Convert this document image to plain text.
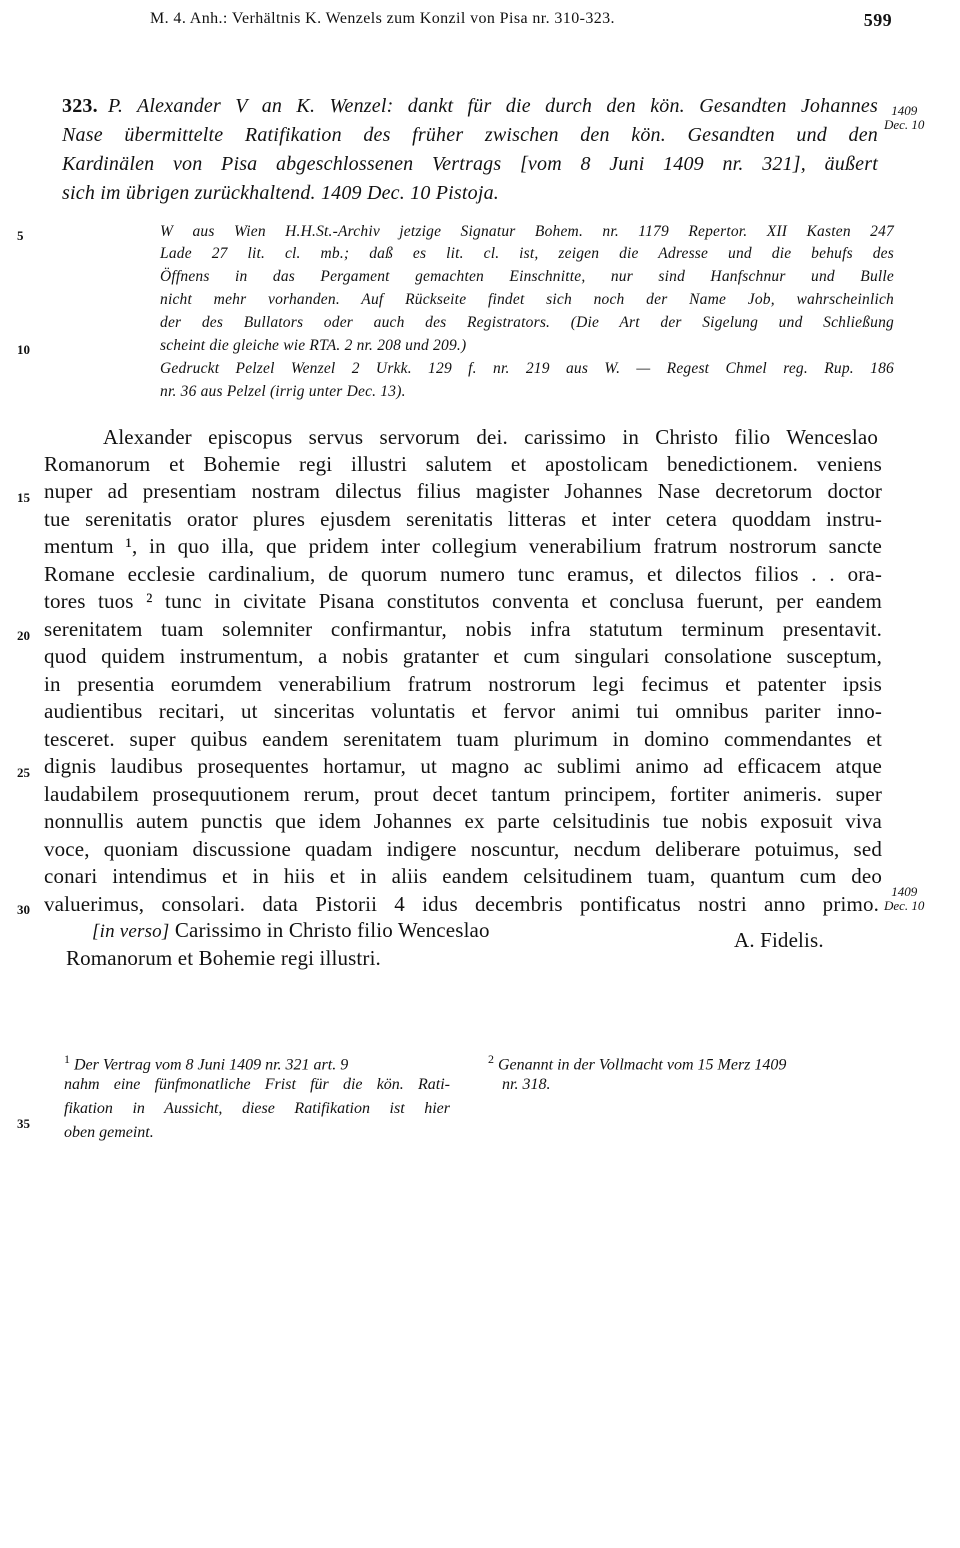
M. 4. Anh.: Verhältnis K. Wenzels zum Konzil von Pisa nr. 310-323.	599
323. P. Alexander V an K. Wenzel: dankt für die durch den kön. Gesandten Johannes
Nase übermittelte Ratifikation des früher zwischen den kön. Gesandten und den
Kardinälen von Pisa abgeschlossenen Vertrags [vom 8 Juni 1409 nr. 321], äußert
sich im übrigen zurückhaltend. 1409 Dec. 10 Pistoja.
1409
Dec. 10
W aus Wien H.H.St.-Archiv jetzige Signatur Bohem. nr. 1179 Repertor. XII Kasten 247
Lade 27 lit. cl. mb.; daß es lit. cl. ist, zeigen die Adresse und die behufs des
Öffnens in das Pergament gemachten Einschnitte, nur sind Hanfschnur und Bulle
nicht mehr vorhanden. Auf Rückseite findet sich noch der Name Job, wahrscheinlich
der des Bullators oder auch des Registrators. (Die Art der Sigelung und Schließung
scheint die gleiche wie RTA. 2 nr. 208 und 209.)
Gedruckt Pelzel Wenzel 2 Urkk. 129 f. nr. 219 aus W. — Regest Chmel reg. Rup. 186
nr. 36 aus Pelzel (irrig unter Dec. 13).
5
10
15
20
25
30
35
Alexander episcopus servus servorum dei. carissimo in Christo filio Wenceslao
Romanorum et Bohemie regi illustri salutem et apostolicam benedictionem. veniens
nuper ad presentiam nostram dilectus filius magister Johannes Nase decretorum doctor
tue serenitatis orator plures ejusdem serenitatis litteras et inter cetera quoddam instru-
mentum ¹, in quo illa, que pridem inter collegium venerabilium fratrum nostrorum sancte
Romane ecclesie cardinalium, de quorum numero tunc eramus, et dilectos filios . . ora-
tores tuos ² tunc in civitate Pisana constitutos conventa et conclusa fuerunt, per eandem
serenitatem tuam solemniter confirmantur, nobis infra statutum terminum presentavit.
quod quidem instrumentum, a nobis gratanter et cum singulari consolatione susceptum,
in presentia eorumdem venerabilium fratrum nostrorum legi fecimus et patenter ipsis
audientibus recitari, ut sinceritas voluntatis et fervor animi tui omnibus pariter inno-
tesceret. super quibus eandem serenitatem tuam plurimum in domino commendantes et
dignis laudibus prosequentes hortamur, ut magno ac sublimi animo ad efficacem atque
laudabilem prosequutionem rerum, prout decet tantum principem, fortiter animeris. super
nonnullis autem punctis que idem Johannes ex parte celsitudinis tue nobis exposuit viva
voce, quoniam discussione quadam indigere noscuntur, necdum deliberare potuimus, sed
conari intendimus et in hiis et in aliis eandem celsitudinem tuam, quantum cum deo
valuerimus, consolari. data Pistorii 4 idus decembris pontificatus nostri anno primo.
1409
Dec. 10
[in verso] Carissimo in Christo filio Wenceslao
Romanorum et Bohemie regi illustri.
A. Fidelis.
$^1$ Der Vertrag vom 8 Juni 1409 nr. 321 art. 9
nahm eine fünfmonatliche Frist für die kön. Rati-
fikation in Aussicht, diese Ratifikation ist hier
oben gemeint.
$^2$ Genannt in der Vollmacht vom 15 Merz 1409
nr. 318.
